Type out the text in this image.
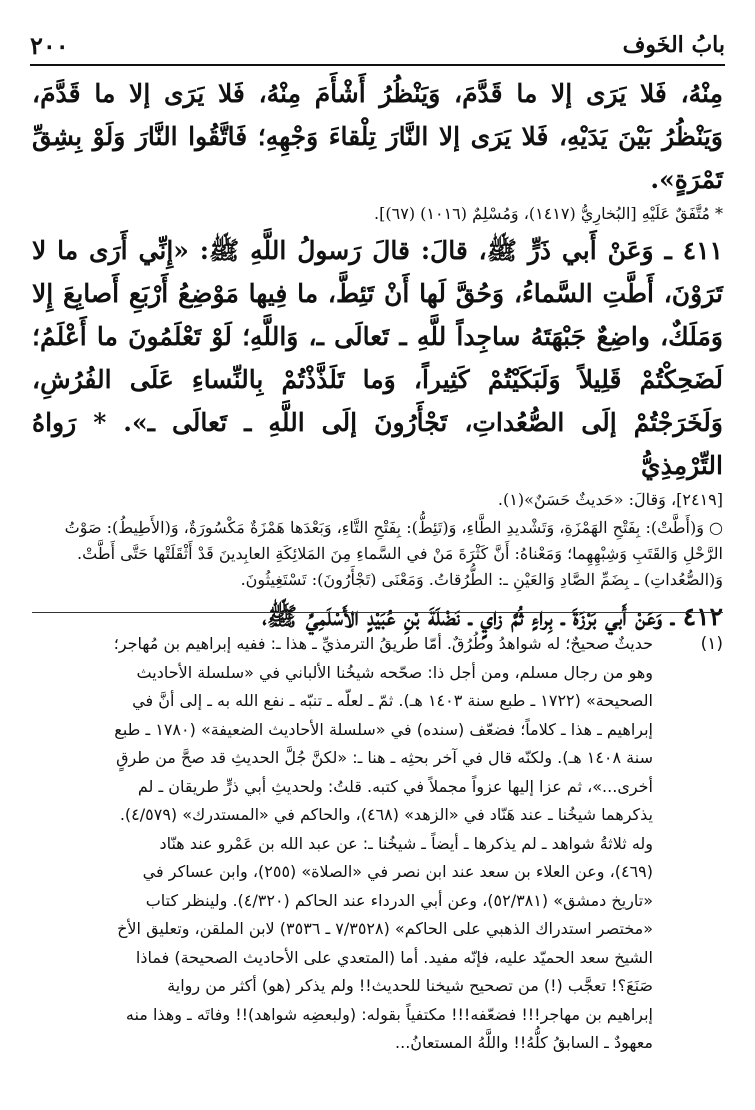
بابُ الخَوف
٢٠٠

مِنْهُ، فَلا يَرَى إلا ما قَدَّمَ، وَيَنْظُرُ أَشْأَمَ مِنْهُ، فَلا يَرَى إلا ما قَدَّمَ، وَيَنْظُرُ بَيْنَ يَدَيْهِ، فَلا يَرَى إلا النَّارَ تِلْقاءَ وَجْهِهِ؛ فَاتَّقُوا النَّارَ وَلَوْ بِشِقِّ تَمْرَةٍ».

* مُتَّفَقٌ عَلَيْهِ [البُخارِيُّ (١٤١٧)، وَمُسْلِمٌ (١٠١٦) (٦٧)].

٤١١ ـ وَعَنْ أَبي ذَرٍّ ﷺ، قالَ: قالَ رَسولُ اللَّهِ ﷺ: «إِنِّي أَرَى ما لا تَرَوْنَ، أَطَّتِ السَّماءُ، وَحُقَّ لَها أَنْ تَئِطَّ، ما فِيها مَوْضِعُ أَرْبَعِ أَصابِعَ إِلا وَمَلَكٌ، واضِعٌ جَبْهَتَهُ ساجِداً للَّهِ ـ تَعالَى ـ، وَاللَّهِ؛ لَوْ تَعْلَمُونَ ما أَعْلَمُ؛ لَضَحِكْتُمْ قَلِيلاً وَلَبَكَيْتُمْ كَثِيراً، وَما تَلَذَّذْتُمْ بِالنِّساءِ عَلَى الفُرُشِ، وَلَخَرَجْتُمْ إلَى الصُّعُداتِ، تَجْأَرُونَ إلَى اللَّهِ ـ تَعالَى ـ». * رَواهُ التِّرْمِذِيُّ

[٢٤١٩]، وَقالَ: «حَديثٌ حَسَنٌ»(١).

○ وَ(أَطَّتْ): بِفَتْحِ الهَمْزَةِ، وَتَشْديدِ الطَّاءِ، وَ(تَئِطُّ): بِفَتْحِ التَّاءِ، وَبَعْدَها هَمْزَةٌ مَكْسُورَةٌ، وَ(الأَطِيطُ): صَوْتُ الرَّحْلِ وَالقَتَبِ وَشِبْهِهِما؛ وَمَعْناهُ: أَنَّ كَثْرَةَ مَنْ في السَّماءِ مِنَ المَلائِكَةِ العابِدينَ قَدْ أَثْقَلَتْها حَتَّى أَطَّتْ. وَ(الصُّعُداتِ) ـ بِضَمِّ الصَّادِ وَالعَيْنِ ـ: الطُّرُقاتُ. وَمَعْنَى (تَجْأَرُونَ): تَسْتَغِيثُونَ.

٤١٢ ـ وَعَنْ أَبي بَرْزَةَ ـ بِراءٍ ثُمَّ زايٍ ـ نَضْلَةَ بْنِ عُبَيْدٍ الأَسْلَمِيِّ ﷺ،

(١)

حديثٌ صحيحٌ؛ له شواهدُ وطُرُقٌ. أمّا طريقُ الترمذيِّ ـ هذا ـ: ففيه إبراهيم بن مُهاجر؛

وهو من رجال مسلم، ومن أجل ذا: صحّحه شيخُنا الألباني في «سلسلة الأحاديث

الصحيحة» (١٧٢٢ ـ طبع سنة ١٤٠٣ هـ). ثمّ ـ لعلّه ـ تنبّه ـ نفع الله به ـ إلى أنَّ في

إبراهيم ـ هذا ـ كلاماً؛ فضعّف (سنده) في «سلسلة الأحاديث الضعيفة» (١٧٨٠ ـ طبع

سنة ١٤٠٨ هـ). ولكنّه قال في آخر بحثِه ـ هنا ـ: «لكنَّ جُلَّ الحديثِ قد صحَّ من طرقٍ

أخرى...»، ثم عزا إليها عزواً مجملاً في كتبه. قلتُ: ولحديثِ أبي ذرٍّ طريقان ـ لم

يذكرهما شيخُنا ـ عند هَنّاد في «الزهد» (٤٦٨)، والحاكم في «المستدرك» (٤/٥٧٩).

وله ثلاثةُ شواهد ـ لم يذكرها ـ أيضاً ـ شيخُنا ـ: عن عبد الله بن عَمْرو عند هنّاد

(٤٦٩)، وعن العلاء بن سعد عند ابن نصر في «الصلاة» (٢٥٥)، وابن عساكر في

«تاريخ دمشق» (٥٢/٣٨١)، وعن أبي الدرداء عند الحاكم (٤/٣٢٠). ولينظر كتاب

«مختصر استدراك الذهبي على الحاكم» (٧/٣٥٢٨ ـ ٣٥٣٦) لابن الملقن، وتعليق الأخ

الشيخ سعد الحميّد عليه، فإنّه مفيد. أما (المتعدي على الأحاديث الصحيحة) فماذا

صَنَعَ؟! تعجَّب (!) من تصحيح شيخنا للحديث!! ولم يذكر (هو) أكثر من رواية

إبراهيم بن مهاجر!!! فضعّفه!!! مكتفياً بقوله: (ولبعضِه شواهد)!! وفاتَه ـ وهذا منه

معهودٌ ـ السابقُ كلُّهُ!! واللَّهُ المستعانُ...
